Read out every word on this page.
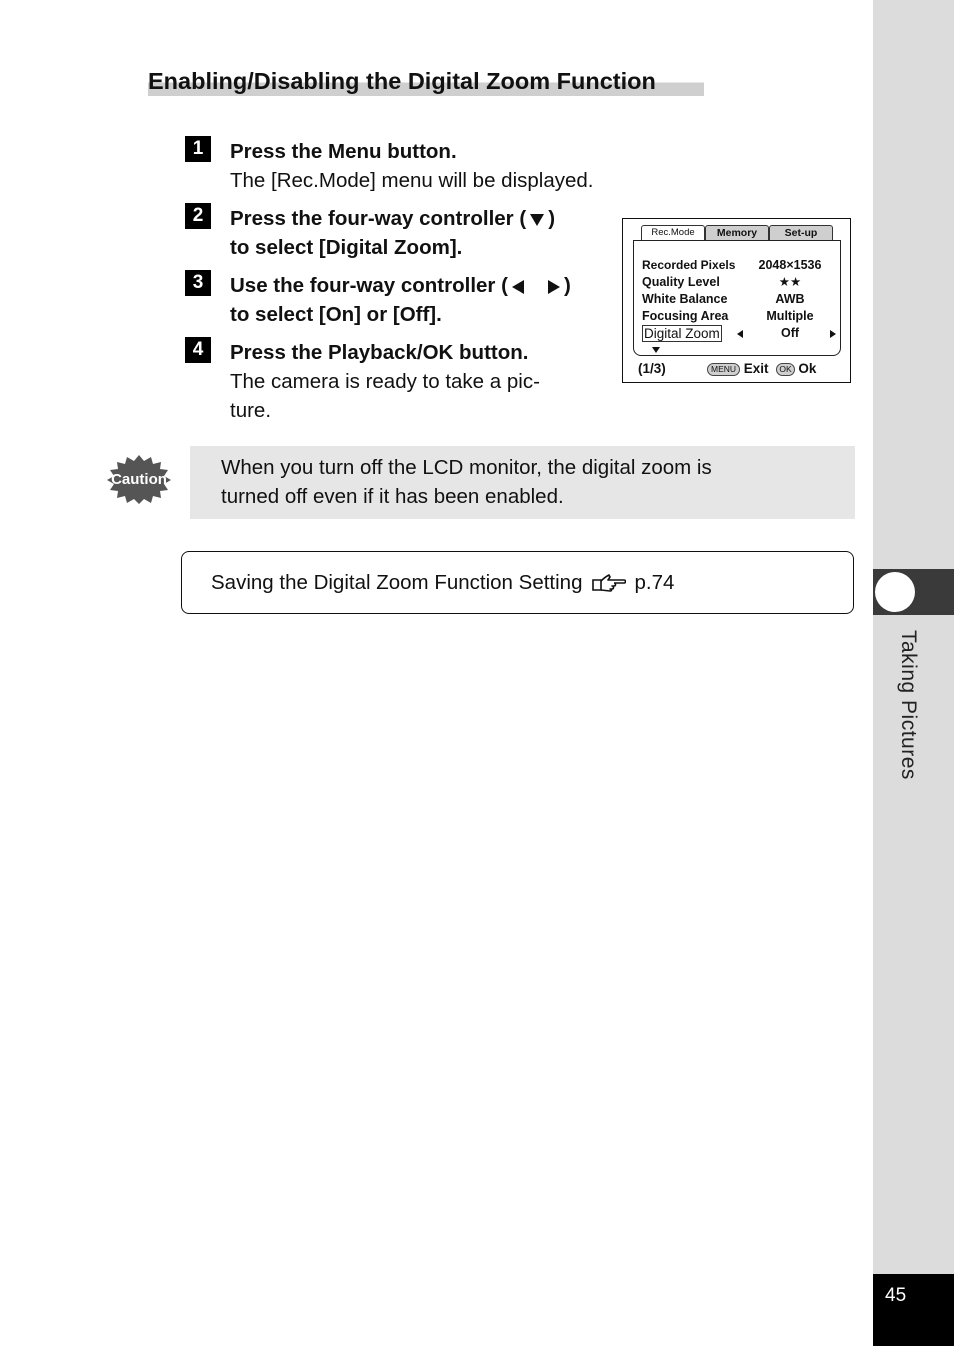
Taking Pictures
45
Enabling/Disabling the Digital Zoom Function
1	Press the Menu button.
The [Rec.Mode] menu will be displayed.
2	Press the four-way controller ( )
to select [Digital Zoom].
3	Use the four-way controller (	)
to select [On] or [Off].
4	Press the Playback/OK button.
The camera is ready to take a pic-
ture.
Rec.Mode	Memory	Set-up
Recorded Pixels	2048×1536
Quality Level	★★
White Balance	AWB
Focusing Area	Multiple
Digital Zoom	Off
(1/3)	MENU Exit OK Ok
Caution
When you turn off the LCD monitor, the digital zoom is
turned off even if it has been enabled.
Saving the Digital Zoom Function Setting	p.74
